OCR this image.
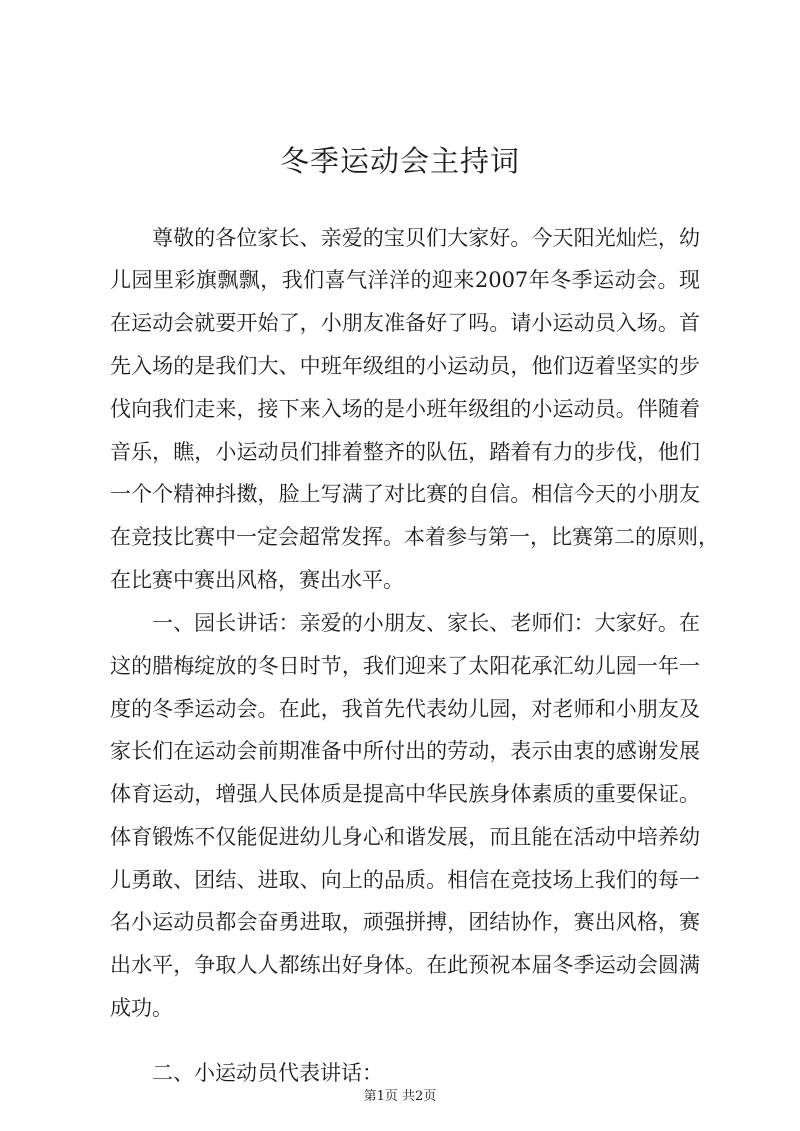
冬季运动会主持词
尊敬的各位家长、亲爱的宝贝们大家好。今天阳光灿烂，幼
儿园里彩旗飘飘，我们喜气洋洋的迎来2007年冬季运动会。现
在运动会就要开始了，小朋友准备好了吗。请小运动员入场。首
先入场的是我们大、中班年级组的小运动员，他们迈着坚实的步
伐向我们走来，接下来入场的是小班年级组的小运动员。伴随着
音乐，瞧，小运动员们排着整齐的队伍，踏着有力的步伐，他们
一个个精神抖擞，脸上写满了对比赛的自信。相信今天的小朋友
在竞技比赛中一定会超常发挥。本着参与第一，比赛第二的原则，
在比赛中赛出风格，赛出水平。
一、园长讲话：亲爱的小朋友、家长、老师们：大家好。在
这的腊梅绽放的冬日时节，我们迎来了太阳花承汇幼儿园一年一
度的冬季运动会。在此，我首先代表幼儿园，对老师和小朋友及
家长们在运动会前期准备中所付出的劳动，表示由衷的感谢发展
体育运动，增强人民体质是提高中华民族身体素质的重要保证。
体育锻炼不仅能促进幼儿身心和谐发展，而且能在活动中培养幼
儿勇敢、团结、进取、向上的品质。相信在竞技场上我们的每一
名小运动员都会奋勇进取，顽强拼搏，团结协作，赛出风格，赛
出水平，争取人人都练出好身体。在此预祝本届冬季运动会圆满
成功。
二、小运动员代表讲话：
第1页 共2页
